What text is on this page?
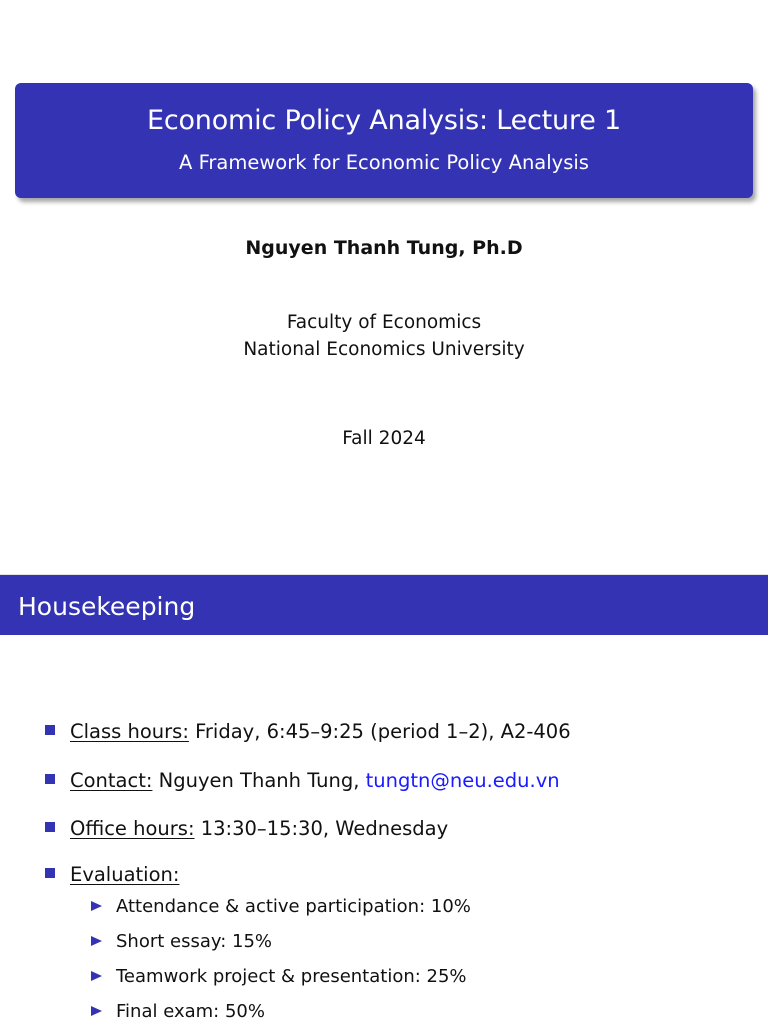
Economic Policy Analysis: Lecture 1
A Framework for Economic Policy Analysis
Nguyen Thanh Tung, Ph.D
Faculty of Economics
National Economics University
Fall 2024
Housekeeping
Class hours: Friday, 6:45–9:25 (period 1–2), A2-406
Contact: Nguyen Thanh Tung, tungtn@neu.edu.vn
Office hours: 13:30–15:30, Wednesday
Evaluation:
Attendance & active participation: 10%
Short essay: 15%
Teamwork project & presentation: 25%
Final exam: 50%
